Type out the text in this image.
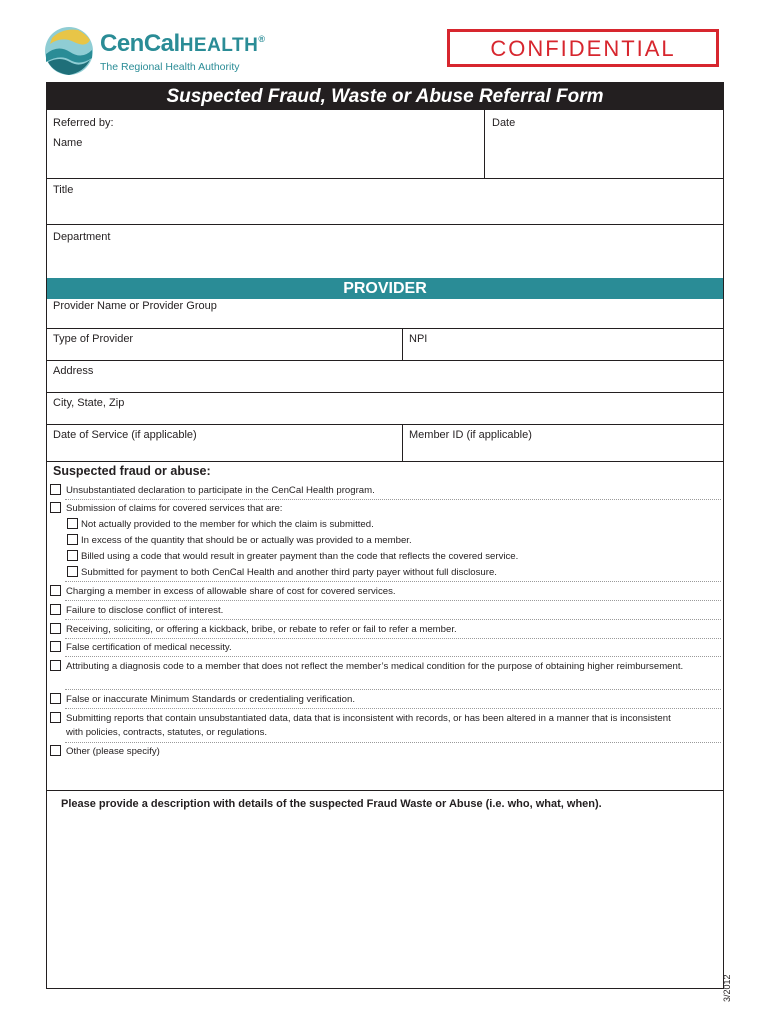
CenCalHEALTH®
The Regional Health Authority
CONFIDENTIAL
Suspected Fraud, Waste or Abuse Referral Form
Referred by:	Date
Name
Title
Department
PROVIDER
Provider Name or Provider Group
Type of Provider	NPI
Address
City, State, Zip
Date of Service (if applicable)	Member ID (if applicable)
Suspected fraud or abuse:
Unsubstantiated declaration to participate in the CenCal Health program.
Submission of claims for covered services that are:
Not actually provided to the member for which the claim is submitted.
In excess of the quantity that should be or actually was provided to a member.
Billed using a code that would result in greater payment than the code that reflects the covered service.
Submitted for payment to both CenCal Health and another third party payer without full disclosure.
Charging a member in excess of allowable share of cost for covered services.
Failure to disclose conflict of interest.
Receiving, soliciting, or offering a kickback, bribe, or rebate to refer or fail to refer a member.
False certification of medical necessity.
Attributing a diagnosis code to a member that does not reflect the member’s medical condition for the purpose of obtaining higher reimbursement.
False or inaccurate Minimum Standards or credentialing verification.
Submitting reports that contain unsubstantiated data, data that is inconsistent with records, or has been altered in a manner that is inconsistent with policies, contracts, statutes, or regulations.
Other (please specify)
Please provide a description with details of the suspected Fraud Waste or Abuse (i.e. who, what, when).
3/2012
